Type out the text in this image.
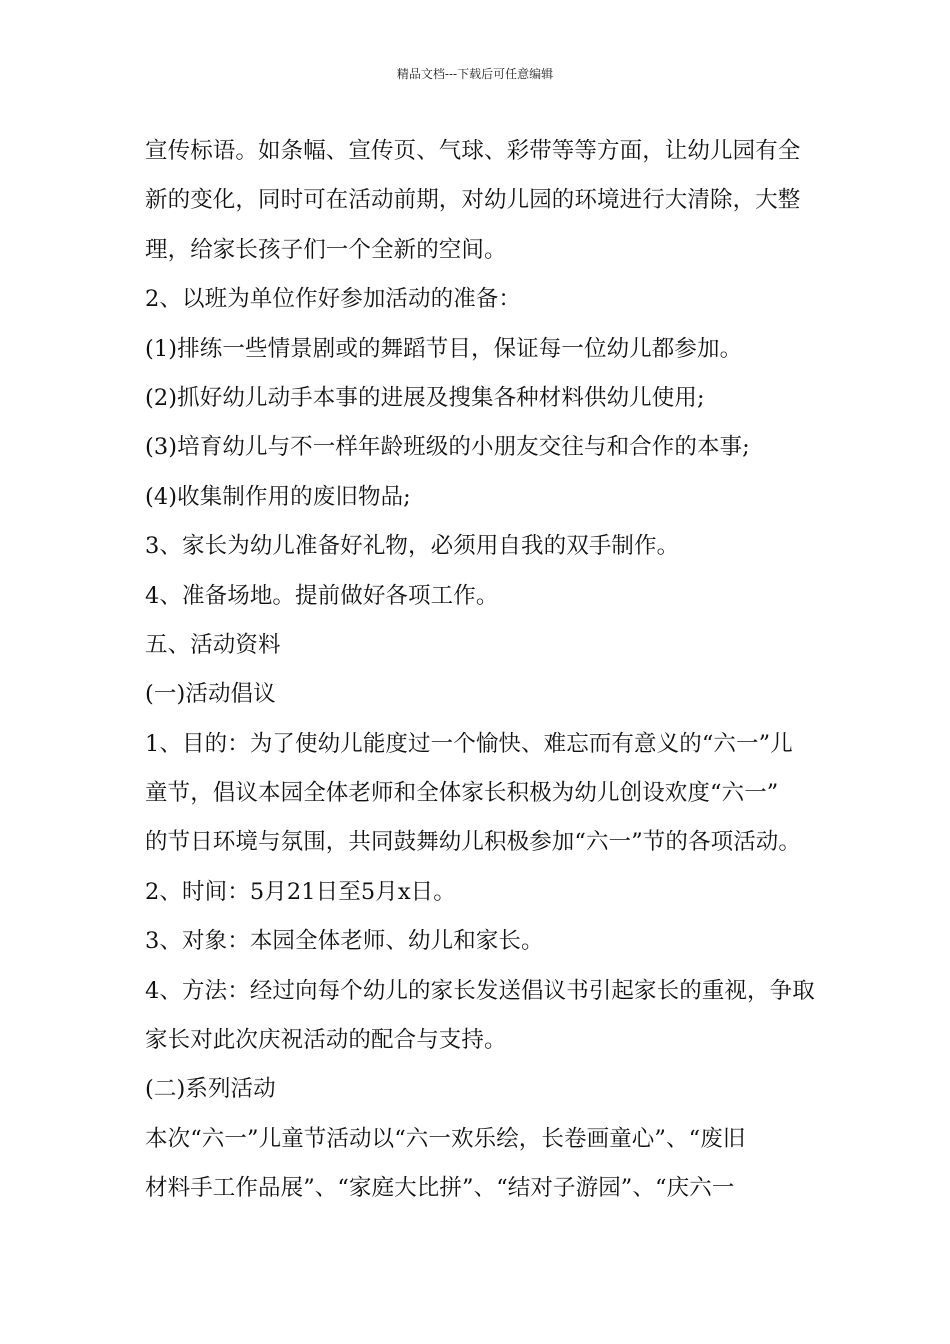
精品文档---下载后可任意编辑
宣传标语。如条幅、宣传页、气球、彩带等等方面，让幼儿园有全
新的变化，同时可在活动前期，对幼儿园的环境进行大清除，大整
理，给家长孩子们一个全新的空间。
2、以班为单位作好参加活动的准备：
(1)排练一些情景剧或的舞蹈节目，保证每一位幼儿都参加。
(2)抓好幼儿动手本事的进展及搜集各种材料供幼儿使用;
(3)培育幼儿与不一样年龄班级的小朋友交往与和合作的本事;
(4)收集制作用的废旧物品;
3、家长为幼儿准备好礼物，必须用自我的双手制作。
4、准备场地。提前做好各项工作。
五、活动资料
(一)活动倡议
1、目的：为了使幼儿能度过一个愉快、难忘而有意义的“六一”儿
童节，倡议本园全体老师和全体家长积极为幼儿创设欢度“六一”
的节日环境与氛围，共同鼓舞幼儿积极参加“六一”节的各项活动。
2、时间：5月21日至5月x日。
3、对象：本园全体老师、幼儿和家长。
4、方法：经过向每个幼儿的家长发送倡议书引起家长的重视，争取
家长对此次庆祝活动的配合与支持。
(二)系列活动
本次“六一”儿童节活动以“六一欢乐绘，长卷画童心”、“废旧
材料手工作品展”、“家庭大比拼”、“结对子游园”、“庆六一
